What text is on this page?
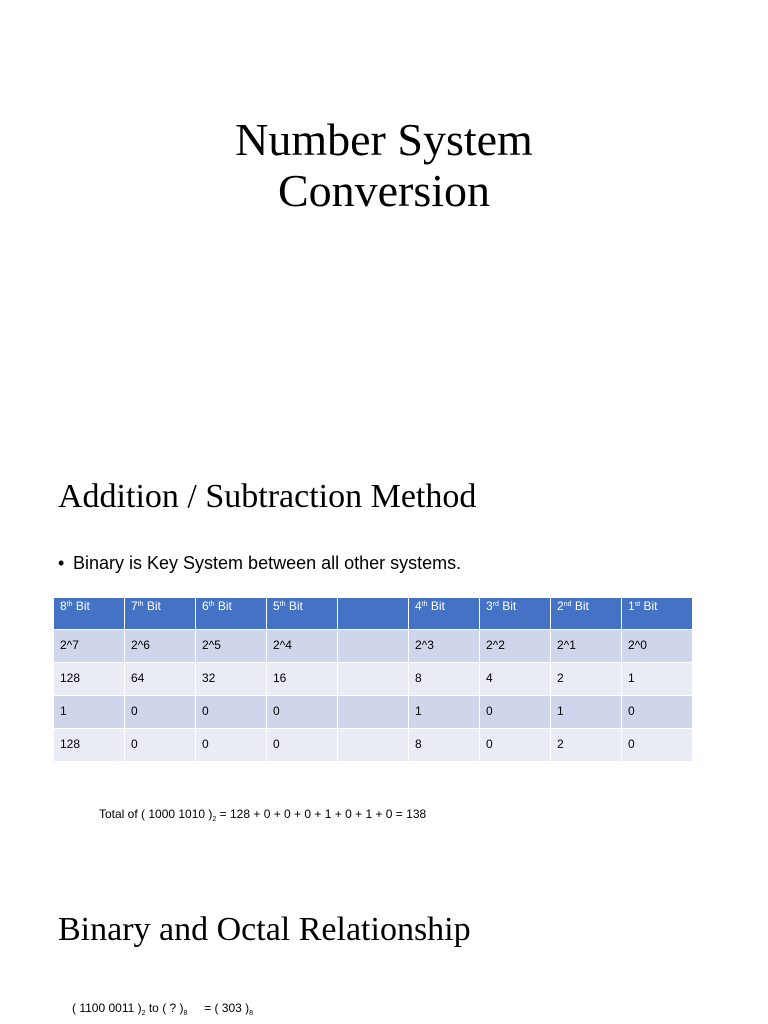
Number System
Conversion
Addition / Subtraction Method
• Binary is Key System between all other systems.
8th Bit	7th Bit	6th Bit	5th Bit		4th Bit	3rd Bit	2nd Bit	1st Bit
2^7	2^6	2^5	2^4		2^3	2^2	2^1	2^0
128	64	32	16		8	4	2	1
1	0	0	0		1	0	1	0
128	0	0	0		8	0	2	0
Total of ( 1000 1010 )$_2 = 128 + 0 + 0 + 0 + 1 + 0 + 1 + 0 = 138$
Binary and Octal Relationship
( 1100 0011 )$_2$ to ( ? )$_8$     = ( 303 )$_8$
